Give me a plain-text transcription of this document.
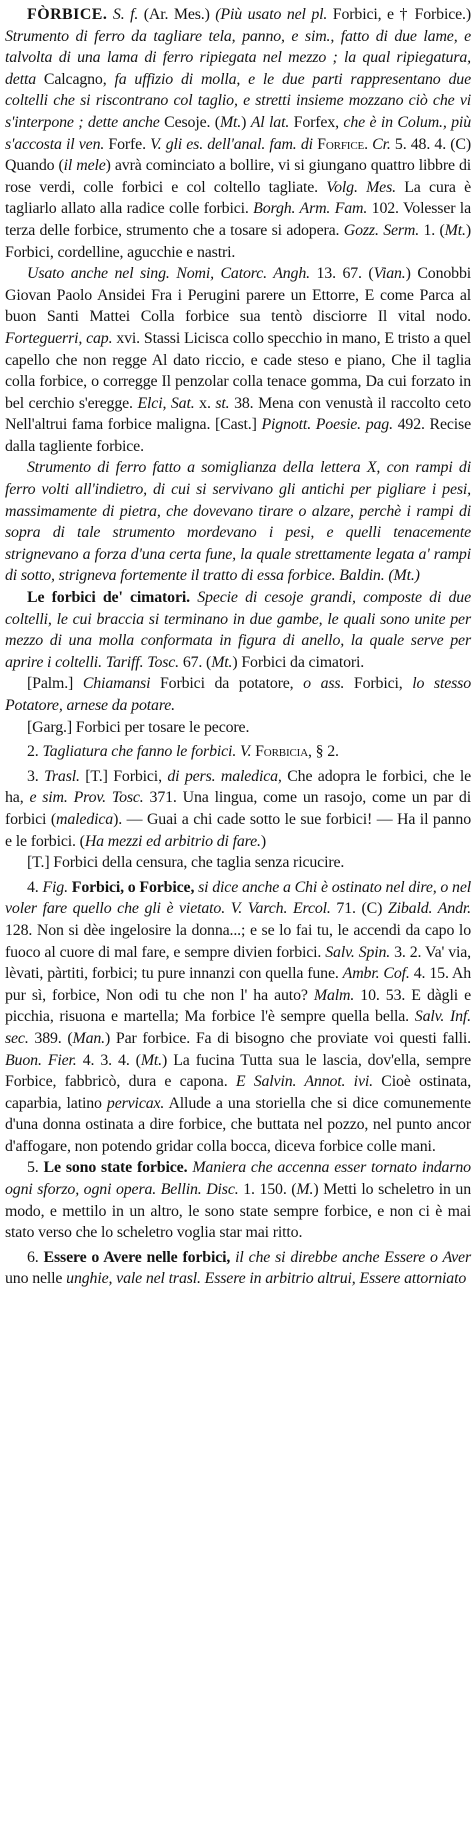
FÒRBICE. S. f. (Ar. Mes.) (Più usato nel pl. Forbici, e † Forbice.) Strumento di ferro da tagliare tela, panno, e sim., fatto di due lame, e talvolta di una lama di ferro ripiegata nel mezzo ; la qual ripiegatura, detta Calcagno, fa uffizio di molla, e le due parti rappresentano due coltelli che si riscontrano col taglio, e stretti insieme mozzano ciò che vi s'interpone ; dette anche Cesoje. (Mt.) Al lat. Forfex, che è in Colum., più s'accosta il ven. Forfe. V. gli es. dell'anal. fam. di Forfice. Cr. 5. 48. 4. (C) Quando (il mele) avrà cominciato a bollire, vi si giungano quattro libbre di rose verdi, colle forbici e col coltello tagliate. Volg. Mes. La cura è tagliarlo allato alla radice colle forbici. Borgh. Arm. Fam. 102. Volesser la terza delle forbice, strumento che a tosare si adopera. Gozz. Serm. 1. (Mt.) Forbici, cordelline, agucchie e nastri.

Usato anche nel sing. Nomi, Catorc. Angh. 13. 67. (Vian.) Conobbi Giovan Paolo Ansidei Fra i Perugini parere un Ettorre, E come Parca al buon Santi Mattei Colla forbice sua tentò disciorre Il vital nodo. Forteguerri, cap. xvi. Stassi Licisca collo specchio in mano, E tristo a quel capello che non regge Al dato riccio, e cade steso e piano, Che il taglia colla forbice, o corregge Il penzolar colla tenace gomma, Da cui forzato in bel cerchio s'eregge. Elci, Sat. x. st. 38. Mena con venustà il raccolto ceto Nell'altrui fama forbice maligna. [Cast.] Pignott. Poesie. pag. 492. Recise dalla tagliente forbice.

Strumento di ferro fatto a somiglianza della lettera X, con rampi di ferro volti all'indietro, di cui si servivano gli antichi per pigliare i pesi, massimamente di pietra, che dovevano tirare o alzare, perchè i rampi di sopra di tale strumento mordevano i pesi, e quelli tenacemente strignevano a forza d'una certa fune, la quale strettamente legata a' rampi di sotto, strigneva fortemente il tratto di essa forbice. Baldin. (Mt.)

Le forbici de' cimatori. Specie di cesoje grandi, composte di due coltelli, le cui braccia si terminano in due gambe, le quali sono unite per mezzo di una molla conformata in figura di anello, la quale serve per aprire i coltelli. Tariff. Tosc. 67. (Mt.) Forbici da cimatori.

[Palm.] Chiamansi Forbici da potatore, o ass. Forbici, lo stesso Potatore, arnese da potare.

[Garg.] Forbici per tosare le pecore.

2. Tagliatura che fanno le forbici. V. Forbicia, § 2.

3. Trasl. [T.] Forbici, di pers. maledica, Che adopra le forbici, che le ha, e sim. Prov. Tosc. 371. Una lingua, come un rasojo, come un par di forbici (maledica). — Guai a chi cade sotto le sue forbici! — Ha il panno e le forbici. (Ha mezzi ed arbitrio di fare.)

[T.] Forbici della censura, che taglia senza ricucire.

4. Fig. Forbici, o Forbice, si dice anche a Chi è ostinato nel dire, o nel voler fare quello che gli è vietato. V. Varch. Ercol. 71. (C) Zibald. Andr. 128. Non si dèe ingelosire la donna...; e se lo fai tu, le accendi da capo lo fuoco al cuore di mal fare, e sempre divien forbici. Salv. Spin. 3. 2. Va' via, lèvati, pàrtiti, forbici; tu pure innanzi con quella fune. Ambr. Cof. 4. 15. Ah pur sì, forbice, Non odi tu che non l' ha auto? Malm. 10. 53. E dàgli e picchia, risuona e martella; Ma forbice l'è sempre quella bella. Salv. Inf. sec. 389. (Man.) Par forbice. Fa di bisogno che proviate voi questi falli. Buon. Fier. 4. 3. 4. (Mt.) La fucina Tutta sua le lascia, dov'ella, sempre Forbice, fabbricò, dura e capona. E Salvin. Annot. ivi. Cioè ostinata, caparbia, latino pervicax. Allude a una storiella che si dice comunemente d'una donna ostinata a dire forbice, che buttata nel pozzo, nel punto ancor d'affogare, non potendo gridar colla bocca, diceva forbice colle mani.

5. Le sono state forbice. Maniera che accenna esser tornato indarno ogni sforzo, ogni opera. Bellin. Disc. 1. 150. (M.) Metti lo scheletro in un modo, e mettilo in un altro, le sono state sempre forbice, e non ci è mai stato verso che lo scheletro voglia star mai ritto.

6. Essere o Avere nelle forbici, il che si direbbe anche Essere o Aver uno nelle unghie, vale nel trasl. Essere in arbitrio altrui, Essere attorniato
